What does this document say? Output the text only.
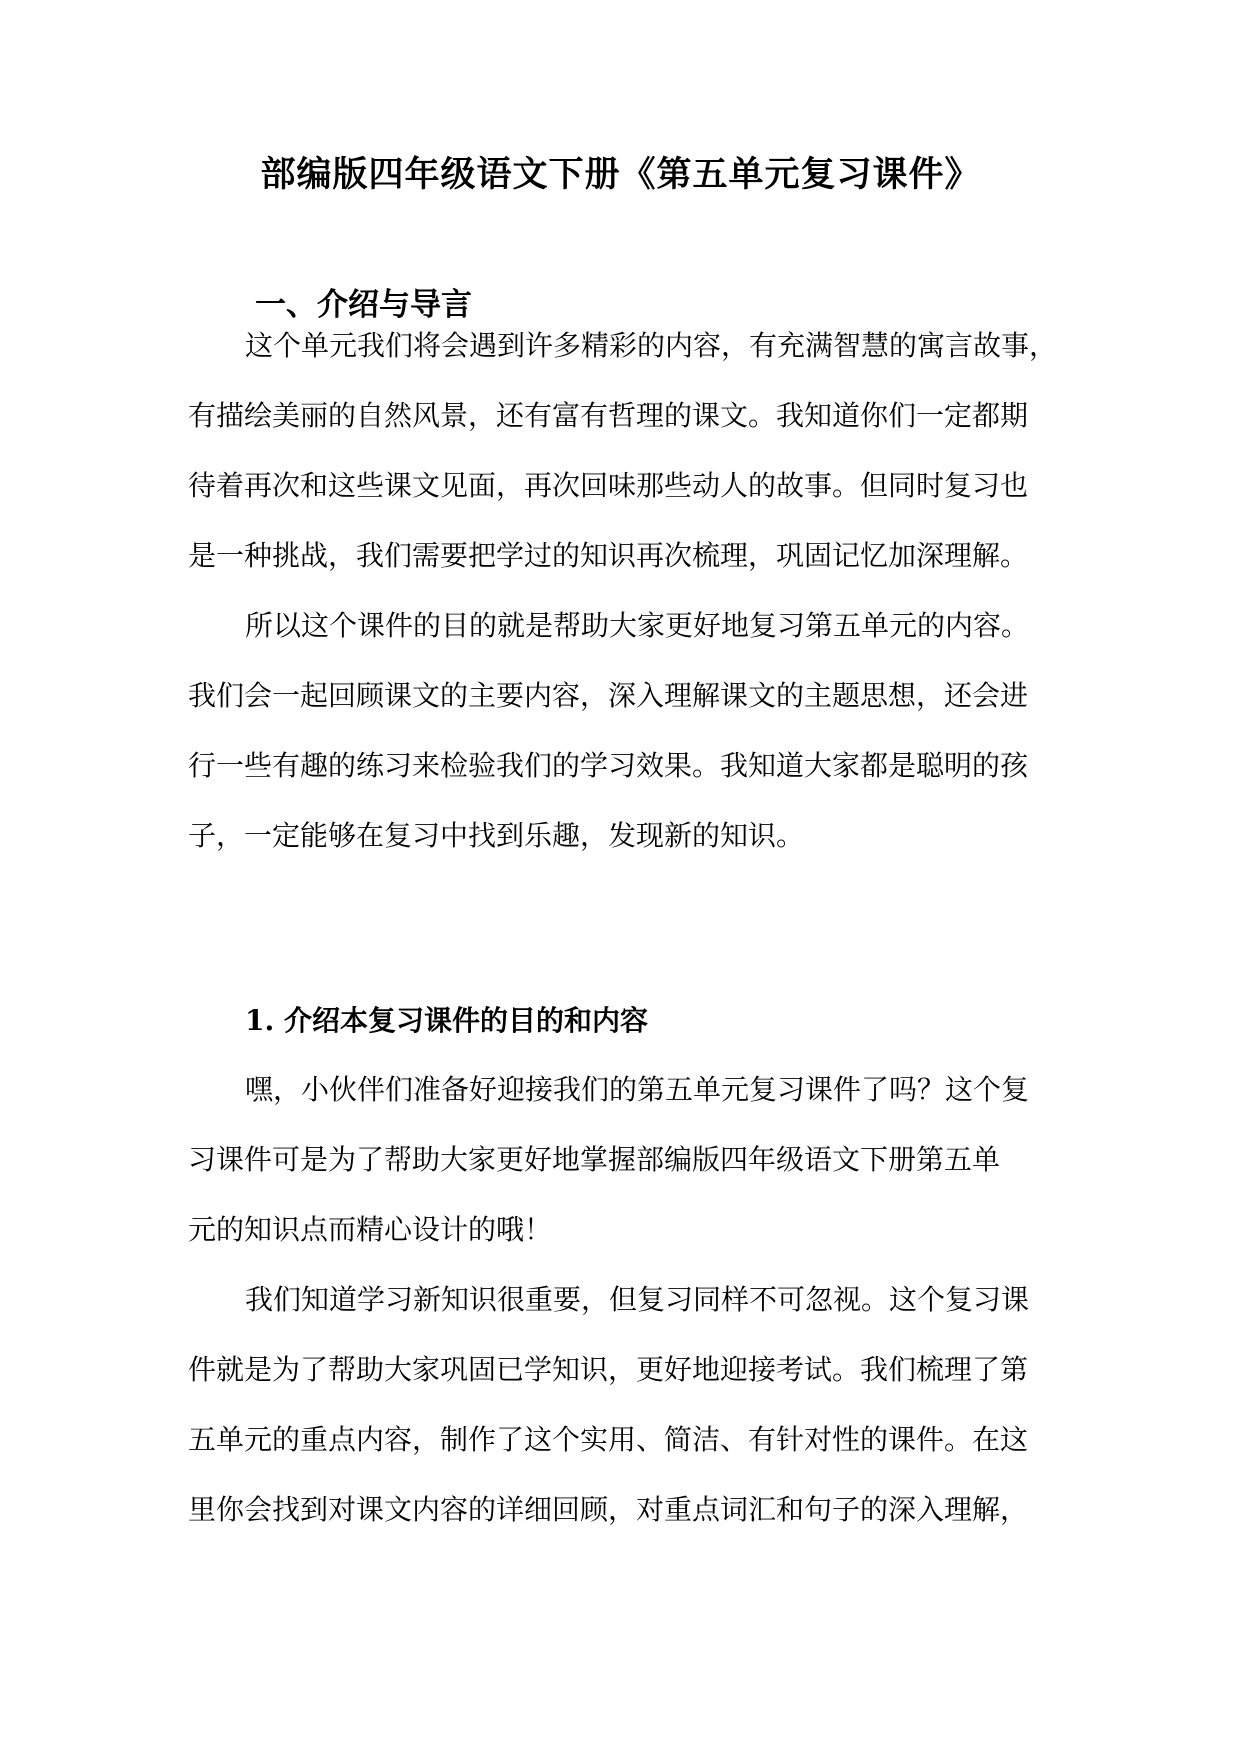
部编版四年级语文下册《第五单元复习课件》
一、介绍与导言
这个单元我们将会遇到许多精彩的内容，有充满智慧的寓言故事，
有描绘美丽的自然风景，还有富有哲理的课文。我知道你们一定都期
待着再次和这些课文见面，再次回味那些动人的故事。但同时复习也
是一种挑战，我们需要把学过的知识再次梳理，巩固记忆加深理解。
所以这个课件的目的就是帮助大家更好地复习第五单元的内容。
我们会一起回顾课文的主要内容，深入理解课文的主题思想，还会进
行一些有趣的练习来检验我们的学习效果。我知道大家都是聪明的孩
子，一定能够在复习中找到乐趣，发现新的知识。
1. 介绍本复习课件的目的和内容
嘿，小伙伴们准备好迎接我们的第五单元复习课件了吗？这个复
习课件可是为了帮助大家更好地掌握部编版四年级语文下册第五单
元的知识点而精心设计的哦！
我们知道学习新知识很重要，但复习同样不可忽视。这个复习课
件就是为了帮助大家巩固已学知识，更好地迎接考试。我们梳理了第
五单元的重点内容，制作了这个实用、简洁、有针对性的课件。在这
里你会找到对课文内容的详细回顾，对重点词汇和句子的深入理解，
